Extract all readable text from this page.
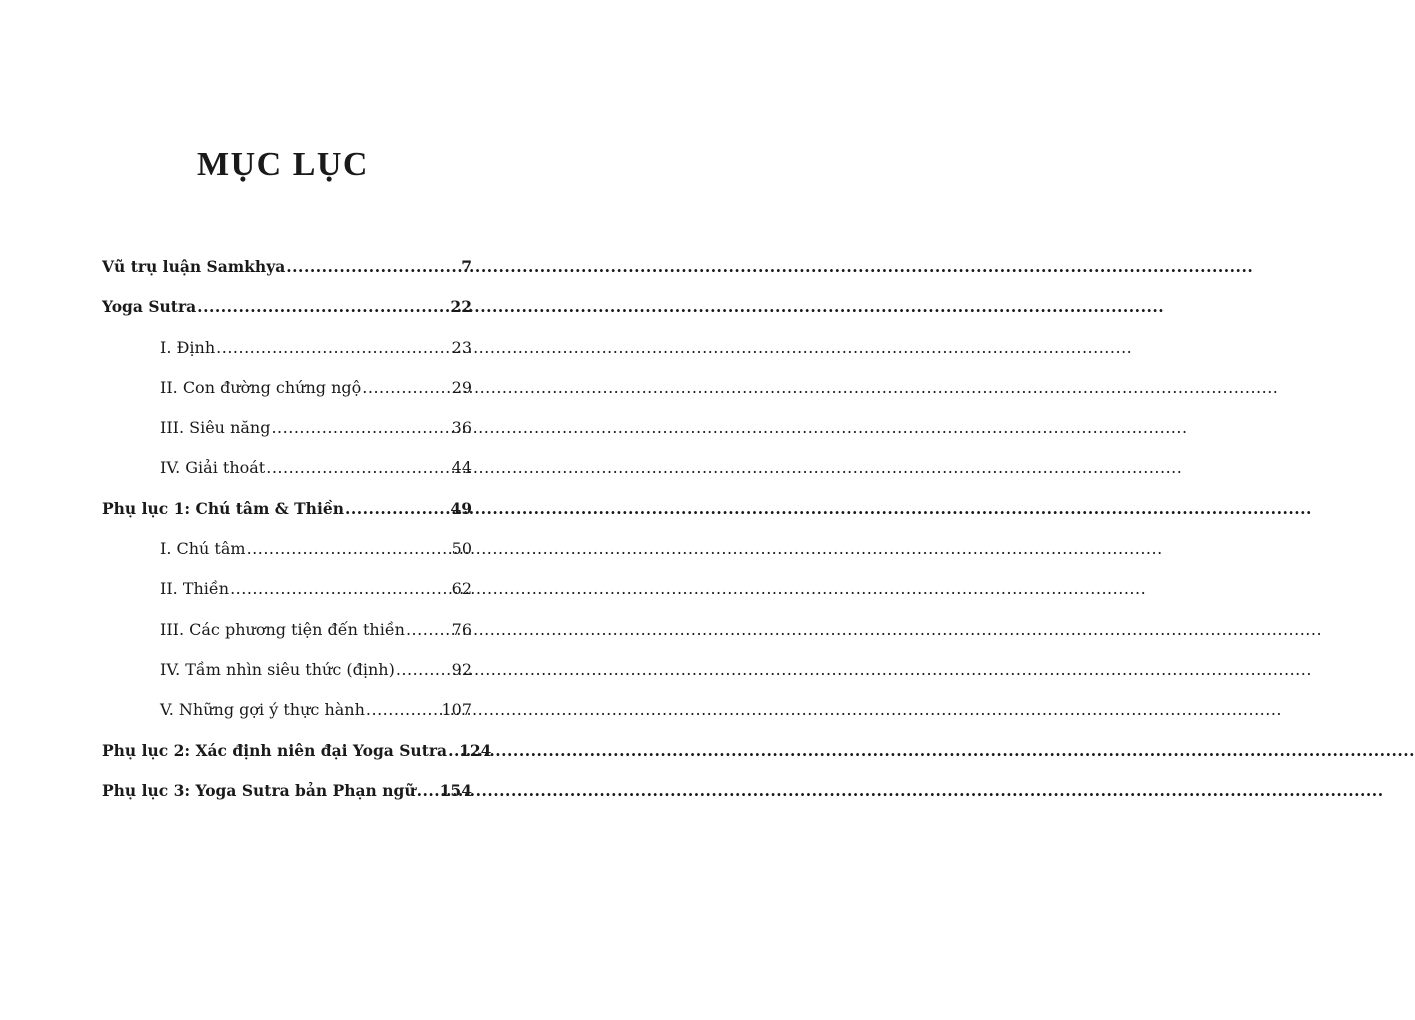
MỤC LỤC
Vũ trụ luận Samkhya .....	7
Yoga Sutra .....	22
I. Định .....	23
II. Con đường chứng ngộ .....	29
III. Siêu năng .....	36
IV. Giải thoát .....	44
Phụ lục 1: Chú tâm & Thiền .....	49
I. Chú tâm .....	50
II. Thiền .....	62
III. Các phương tiện đến thiền .....	76
IV. Tầm nhìn siêu thức (định) .....	92
V. Những gợi ý thực hành .....	107
Phụ lục 2: Xác định niên đại Yoga Sutra ..... 124
Phụ lục 3: Yoga Sutra bản Phạn ngữ ..... 154
